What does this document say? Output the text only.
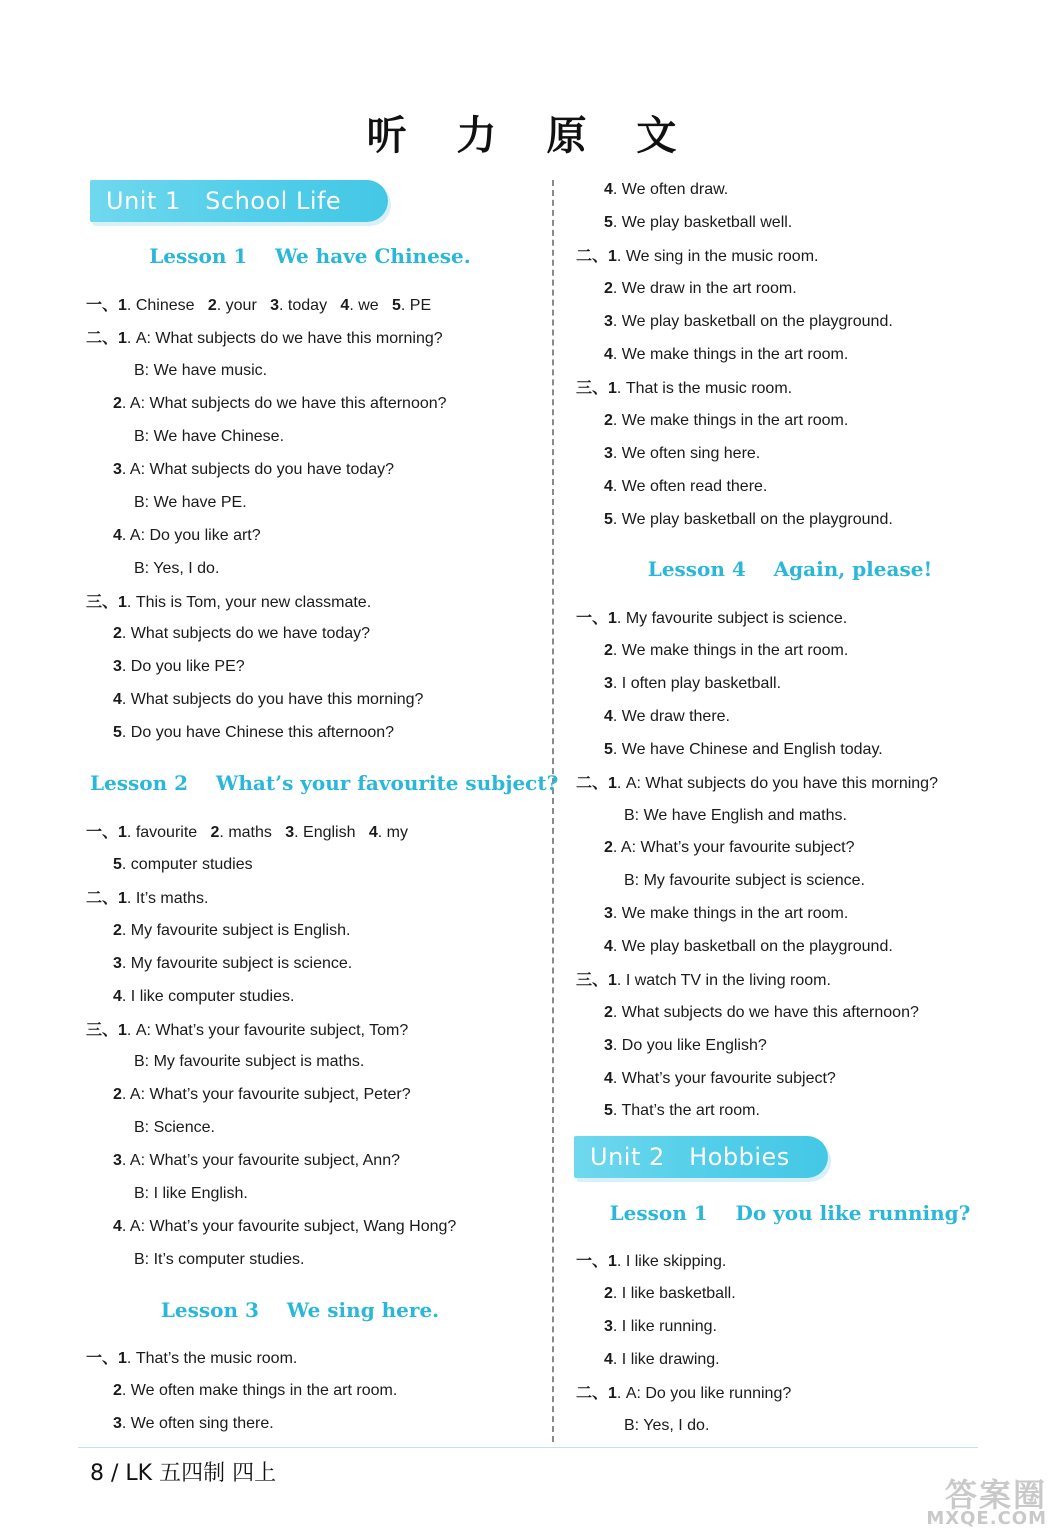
听 力 原 文
Unit 1   School Life
Unit 2   Hobbies
Lesson 1    We have Chinese.
Lesson 2    What’s your favourite subject?
Lesson 3    We sing here.
Lesson 4    Again, please!
Lesson 1    Do you like running?
一、1. Chinese   2. your   3. today   4. we   5. PE
二、1. A: What subjects do we have this morning?
B: We have music.
2. A: What subjects do we have this afternoon?
B: We have Chinese.
3. A: What subjects do you have today?
B: We have PE.
4. A: Do you like art?
B: Yes, I do.
三、1. This is Tom, your new classmate.
2. What subjects do we have today?
3. Do you like PE?
4. What subjects do you have this morning?
5. Do you have Chinese this afternoon?
一、1. favourite   2. maths   3. English   4. my
5. computer studies
二、1. It’s maths.
2. My favourite subject is English.
3. My favourite subject is science.
4. I like computer studies.
三、1. A: What’s your favourite subject, Tom?
B: My favourite subject is maths.
2. A: What’s your favourite subject, Peter?
B: Science.
3. A: What’s your favourite subject, Ann?
B: I like English.
4. A: What’s your favourite subject, Wang Hong?
B: It’s computer studies.
一、1. That’s the music room.
2. We often make things in the art room.
3. We often sing there.
4. We often draw.
5. We play basketball well.
二、1. We sing in the music room.
2. We draw in the art room.
3. We play basketball on the playground.
4. We make things in the art room.
三、1. That is the music room.
2. We make things in the art room.
3. We often sing here.
4. We often read there.
5. We play basketball on the playground.
一、1. My favourite subject is science.
2. We make things in the art room.
3. I often play basketball.
4. We draw there.
5. We have Chinese and English today.
二、1. A: What subjects do you have this morning?
B: We have English and maths.
2. A: What’s your favourite subject?
B: My favourite subject is science.
3. We make things in the art room.
4. We play basketball on the playground.
三、1. I watch TV in the living room.
2. What subjects do we have this afternoon?
3. Do you like English?
4. What’s your favourite subject?
5. That’s the art room.
一、1. I like skipping.
2. I like basketball.
3. I like running.
4. I like drawing.
二、1. A: Do you like running?
B: Yes, I do.
8 / LK 五四制 四上
答案圈
MXQE.COM
